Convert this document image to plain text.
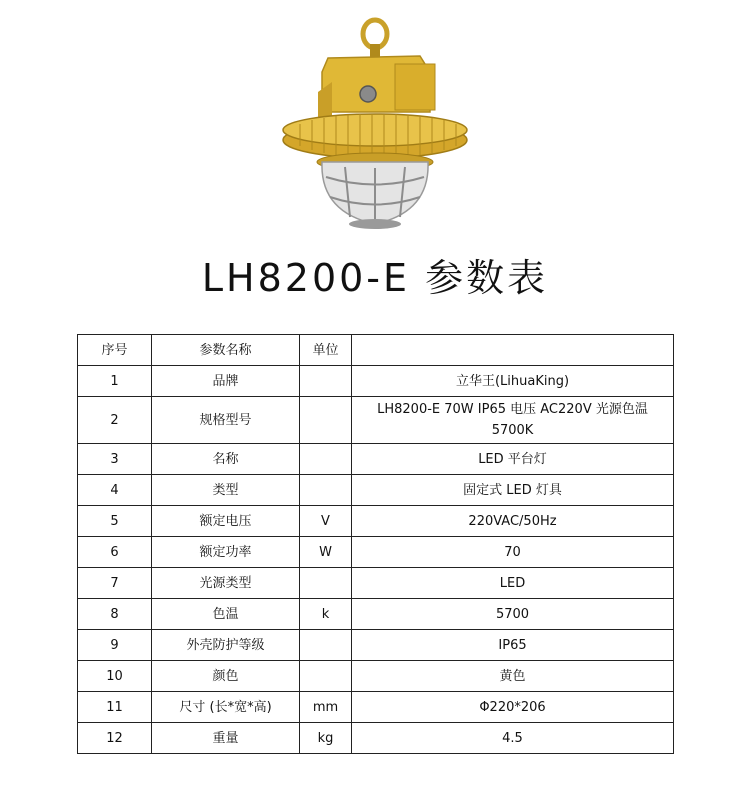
LH8200-E 参数表
序号	参数名称	单位	
1	品牌		立华王(LihuaKing)
2	规格型号		LH8200-E 70W IP65 电压 AC220V 光源色温 5700K
3	名称		LED 平台灯
4	类型		固定式 LED 灯具
5	额定电压	V	220VAC/50Hz
6	额定功率	W	70
7	光源类型		LED
8	色温	k	5700
9	外壳防护等级		IP65
10	颜色		黄色
11	尺寸 (长*宽*高)	mm	Φ220*206
12	重量	kg	4.5
